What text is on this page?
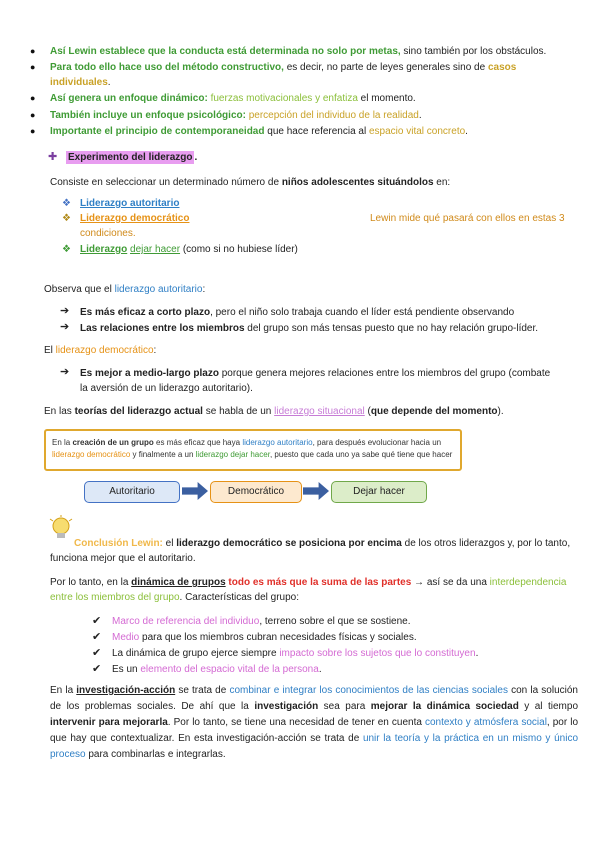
● Así Lewin establece que la conducta está determinada no solo por metas, sino también por los obstáculos.
● Para todo ello hace uso del método constructivo, es decir, no parte de leyes generales sino de casos
individuales.
● Así genera un enfoque dinámico: fuerzas motivacionales y enfatiza el momento.
● También incluye un enfoque psicológico: percepción del individuo de la realidad.
● Importante el principio de contemporaneidad que hace referencia al espacio vital concreto.
✚ Experimento del liderazgo .
Consiste en seleccionar un determinado número de niños adolescentes situándolos en:
❖ Liderazgo autoritario
❖ Liderazgo democrático	Lewin mide qué pasará con ellos en estas 3
condiciones.
❖ Liderazgo dejar hacer (como si no hubiese líder)
Observa que el liderazgo autoritario:
➔ Es más eficaz a corto plazo, pero el niño solo trabaja cuando el líder está pendiente observando
➔ Las relaciones entre los miembros del grupo son más tensas puesto que no hay relación grupo-líder.
El liderazgo democrático:
➔ Es mejor a medio-largo plazo porque genera mejores relaciones entre los miembros del grupo (combate
la aversión de un liderazgo autoritario).
En las teorías del liderazgo actual se habla de un liderazgo situacional (que depende del momento).
En la creación de un grupo es más eficaz que haya liderazgo autoritario, para después evolucionar hacia un liderazgo democrático y finalmente a un liderazgo dejar hacer, puesto que cada uno ya sabe qué tiene que hacer
Autoritario	Democrático	Dejar hacer
Conclusión Lewin: el liderazgo democrático se posiciona por encima de los otros liderazgos y, por lo tanto,
funciona mejor que el autoritario.
Por lo tanto, en la dinámica de grupos todo es más que la suma de las partes → así se da una interdependencia
entre los miembros del grupo. Características del grupo:
✔ Marco de referencia del individuo, terreno sobre el que se sostiene.
✔ Medio para que los miembros cubran necesidades físicas y sociales.
✔ La dinámica de grupo ejerce siempre impacto sobre los sujetos que lo constituyen.
✔ Es un elemento del espacio vital de la persona.
En la investigación-acción se trata de combinar e integrar los conocimientos de las ciencias sociales con la solución de los problemas sociales. De ahí que la investigación sea para mejorar la dinámica sociedad y al tiempo intervenir para mejorarla. Por lo tanto, se tiene una necesidad de tener en cuenta contexto y atmósfera social, por lo que hay que contextualizar. En esta investigación-acción se trata de unir la teoría y la práctica en un mismo y único proceso para combinarlas e integrarlas.
